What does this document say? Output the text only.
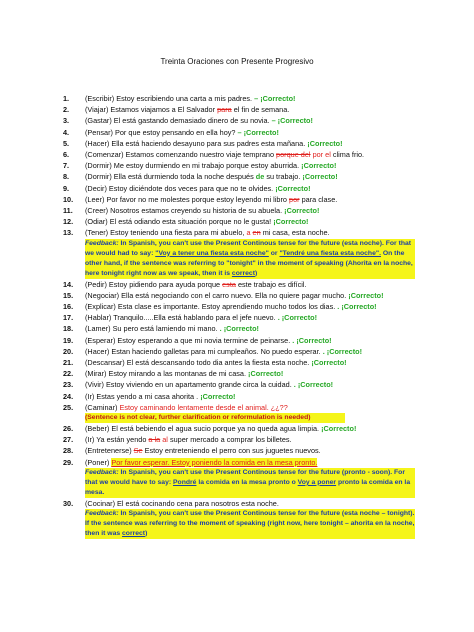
Treinta Oraciones con Presente Progresivo
1.	(Escribir) Estoy escribiendo una carta a mis padres. – ¡Correcto!
2.	(Viajar) Estamos viajamos a El Salvador para el fin de semana.
3.	(Gastar) El está gastando demasiado dinero de su novia. – ¡Correcto!
4.	(Pensar) Por que estoy pensando en ella hoy? – ¡Correcto!
5.	(Hacer) Ella está haciendo desayuno para sus padres esta mañana. ¡Correcto!
6.	(Comenzar) Estamos comenzando nuestro viaje temprano porque del por el clima frio.
7.	(Dormir) Me estoy durmiendo en mi trabajo porque estoy aburrida. ¡Correcto!
8.	(Dormir) Ella está durmiendo toda la noche después de su trabajo. ¡Correcto!
9.	(Decir) Estoy diciéndote dos veces para que no te olvides. ¡Correcto!
10.	(Leer) Por favor no me molestes porque estoy leyendo mi libro por para clase.
11.	(Creer) Nosotros estamos creyendo su historia de su abuela. ¡Correcto!
12.	(Odiar) El está odiando esta situación porque no le gusta! ¡Correcto!
13.	(Tener) Estoy teniendo una fiesta para mi abuelo, a en mi casa, esta noche.
Feedback: In Spanish, you can't use the Present Continous tense for the future (esta noche). For that we would had to say: "Voy a tener una fiesta esta noche" or "Tendré una fiesta esta noche". On the other hand, if the sentence was referring to "tonight" in the moment of speaking (Ahorita en la noche, here tonight right now as we speak, then it is correct)
14.	(Pedir) Estoy pidiendo para ayuda porque esta este trabajo es difícil.
15.	(Negociar) Ella está negociando con el carro nuevo. Ella no quiere pagar mucho. ¡Correcto!
16.	(Explicar) Esta clase es importante. Estoy aprendiendo mucho todos los dias. . ¡Correcto!
17.	(Hablar) Tranquilo.....Ella está hablando para el jefe nuevo. . ¡Correcto!
18.	(Lamer) Su pero está lamiendo mi mano. . ¡Correcto!
19.	(Esperar) Estoy esperando a que mi novia termine de peinarse. . ¡Correcto!
20.	(Hacer) Estan haciendo galletas para mi cumpleaños. No puedo esperar. . ¡Correcto!
21.	(Descansar) El está descansando todo dia antes la fiesta esta noche. ¡Correcto!
22.	(Mirar) Estoy mirando a las montanas de mi casa. ¡Correcto!
23.	(Vivir) Estoy viviendo en un apartamento grande circa la cuidad. . ¡Correcto!
24.	(Ir) Estas yendo a mi casa ahorita . ¡Correcto!
25.	(Caminar) Estoy caminando lentamente desde el animal. ¿¿??
(Sentence is not clear, further clarification or reformulation is needed)
26.	(Beber) El está bebiendo el agua sucio porque ya no queda agua limpia. ¡Correcto!
27.	(Ir) Ya están yendo a la al super mercado a comprar los billetes.
28.	(Entretenerse) Se Estoy entreteniendo el perro con sus juguetes nuevos.
29.	(Poner) Por favor esperar. Estoy poniendo la comida en la mesa pronto.
Feedback: In Spanish, you can't use the Present Continous tense for the future (pronto - soon). For that we would have to say: Pondré la comida en la mesa pronto o Voy a poner pronto la comida en la mesa.
30.	(Cocinar) El está cocinando cena para nosotros esta noche.
Feedback: In Spanish, you can't use the Present Continous tense for the future (esta noche – tonight). If the sentence was referring to the moment of speaking (right now, here tonight – ahorita en la noche, then it was correct)
